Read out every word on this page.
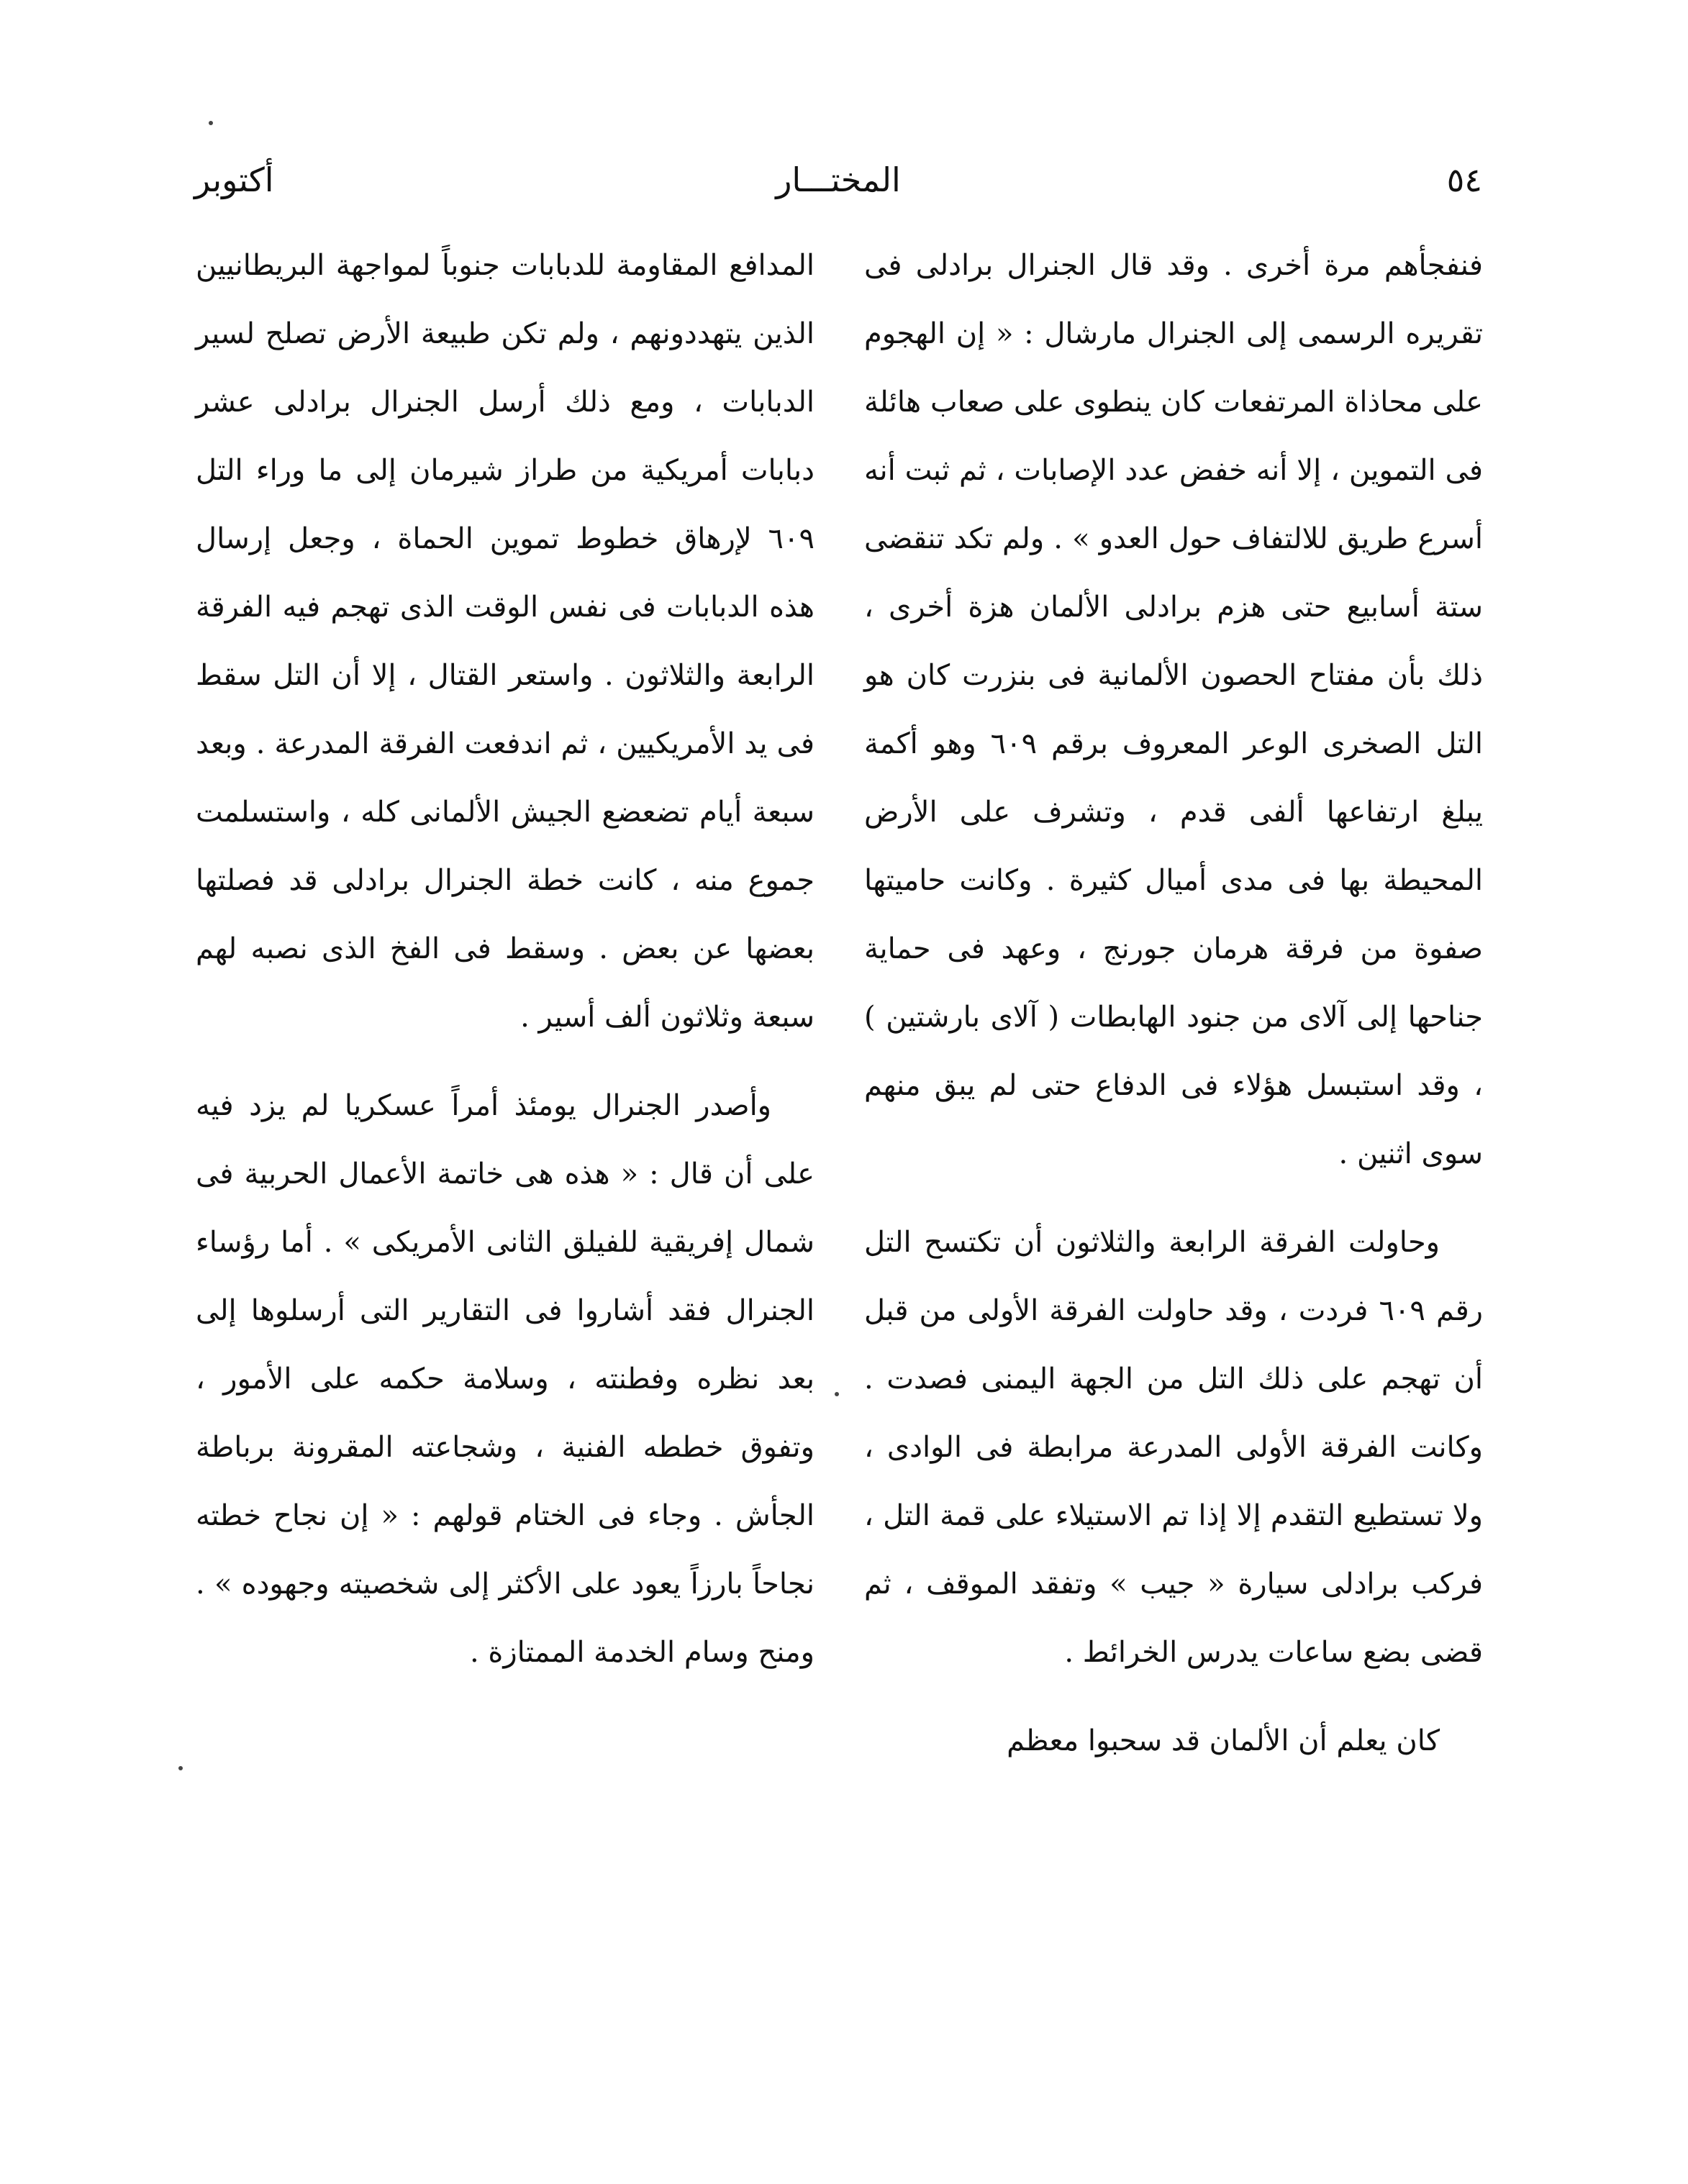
٥٤
المختـــار
أكتوبر

فنفجأهم مرة أخرى . وقد قال الجنرال برادلى فى تقريره الرسمى إلى الجنرال مارشال : « إن الهجوم على محاذاة المرتفعات كان ينطوى على صعاب هائلة فى التموين ، إلا أنه خفض عدد الإصابات ، ثم ثبت أنه أسرع طريق للالتفاف حول العدو » . ولم تكد تنقضى ستة أسابيع حتى هزم برادلى الألمان هزة أخرى ، ذلك بأن مفتاح الحصون الألمانية فى بنزرت كان هو التل الصخرى الوعر المعروف برقم ٦٠٩ وهو أكمة يبلغ ارتفاعها ألفى قدم ، وتشرف على الأرض المحيطة بها فى مدى أميال كثيرة . وكانت حاميتها صفوة من فرقة هرمان جورنج ، وعهد فى حماية جناحها إلى آلاى من جنود الهابطات ( آلاى بارشتين ) ، وقد استبسل هؤلاء فى الدفاع حتى لم يبق منهم سوى اثنين .

وحاولت الفرقة الرابعة والثلاثون أن تكتسح التل رقم ٦٠٩ فردت ، وقد حاولت الفرقة الأولى من قبل أن تهجم على ذلك التل من الجهة اليمنى فصدت . وكانت الفرقة الأولى المدرعة مرابطة فى الوادى ، ولا تستطيع التقدم إلا إذا تم الاستيلاء على قمة التل ، فركب برادلى سيارة « جيب » وتفقد الموقف ، ثم قضى بضع ساعات يدرس الخرائط .

كان يعلم أن الألمان قد سحبوا معظم

المدافع المقاومة للدبابات جنوباً لمواجهة البريطانيين الذين يتهددونهم ، ولم تكن طبيعة الأرض تصلح لسير الدبابات ، ومع ذلك أرسل الجنرال برادلى عشر دبابات أمريكية من طراز شيرمان إلى ما وراء التل ٦٠٩ لإرهاق خطوط تموين الحماة ، وجعل إرسال هذه الدبابات فى نفس الوقت الذى تهجم فيه الفرقة الرابعة والثلاثون . واستعر القتال ، إلا أن التل سقط فى يد الأمريكيين ، ثم اندفعت الفرقة المدرعة . وبعد سبعة أيام تضعضع الجيش الألمانى كله ، واستسلمت جموع منه ، كانت خطة الجنرال برادلى قد فصلتها بعضها عن بعض . وسقط فى الفخ الذى نصبه لهم سبعة وثلاثون ألف أسير .

وأصدر الجنرال يومئذ أمراً عسكريا لم يزد فيه على أن قال : « هذه هى خاتمة الأعمال الحربية فى شمال إفريقية للفيلق الثانى الأمريكى » . أما رؤساء الجنرال فقد أشاروا فى التقارير التى أرسلوها إلى بعد نظره وفطنته ، وسلامة حكمه على الأمور ، وتفوق خططه الفنية ، وشجاعته المقرونة برباطة الجأش . وجاء فى الختام قولهم : « إن نجاح خطته نجاحاً بارزاً يعود على الأكثر إلى شخصيته وجهوده » . ومنح وسام الخدمة الممتازة .
